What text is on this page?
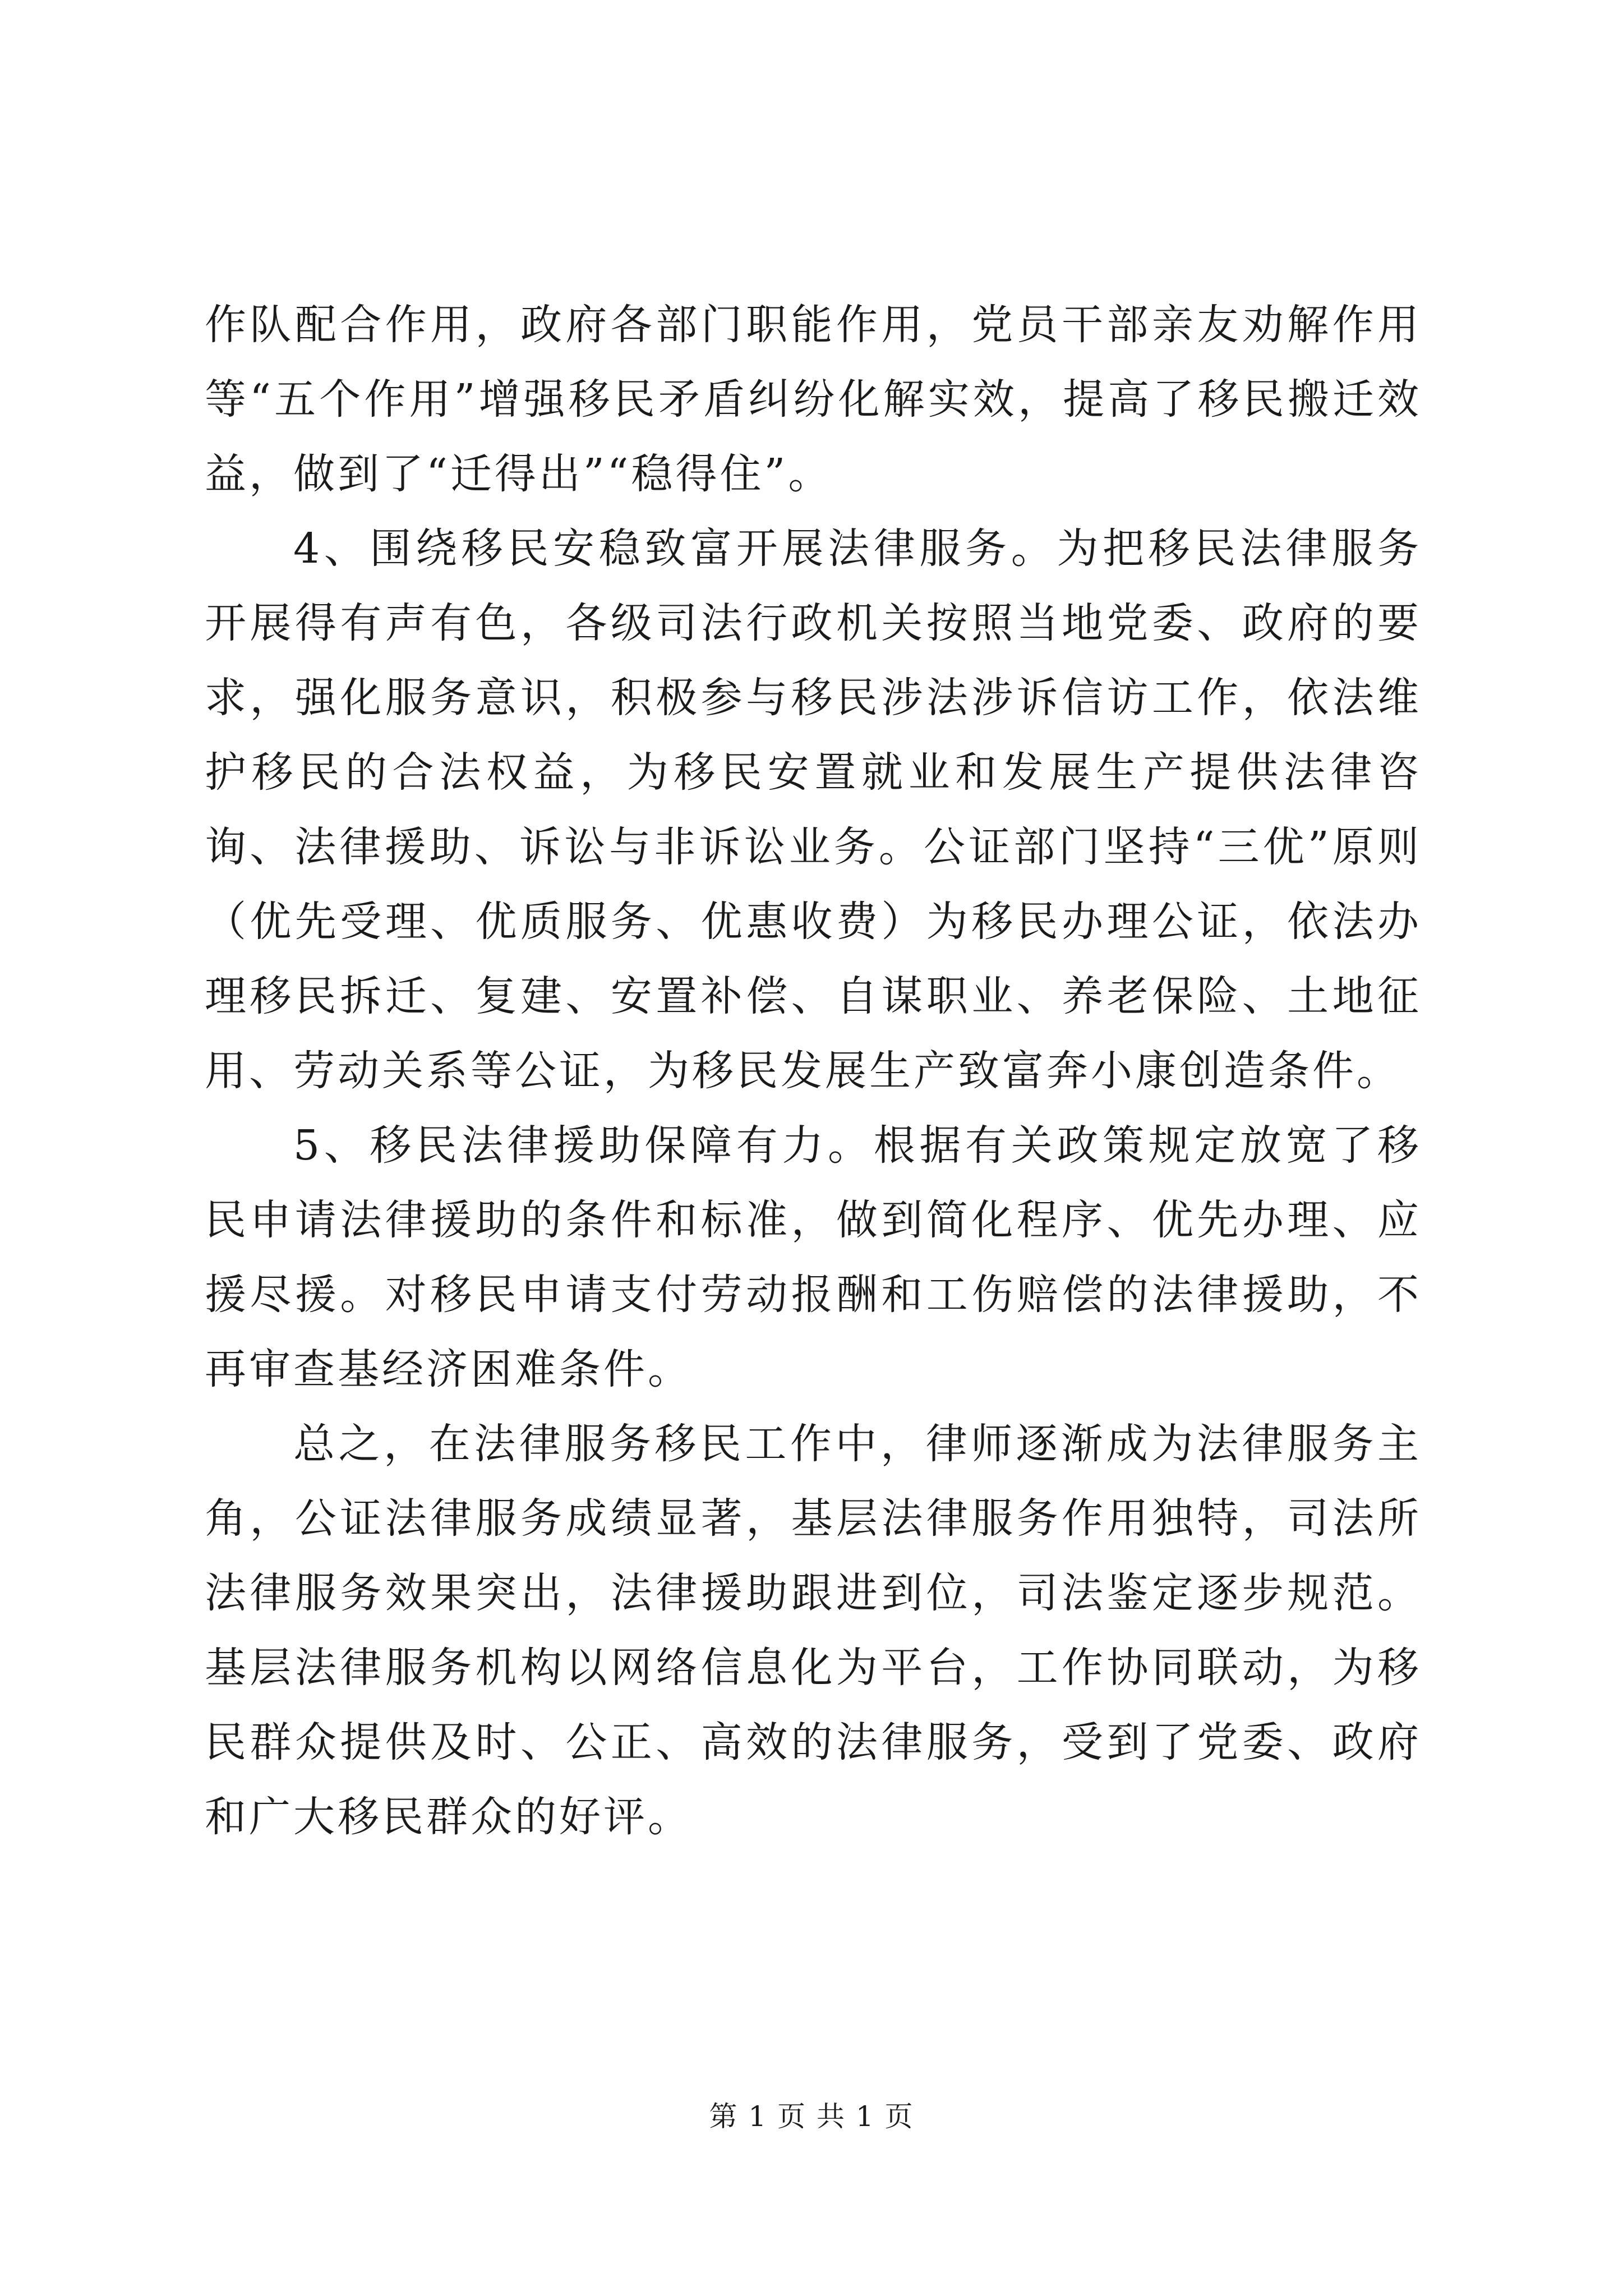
作队配合作用，政府各部门职能作用，党员干部亲友劝解作用等“五个作用”增强移民矛盾纠纷化解实效，提高了移民搬迁效益，做到了“迁得出”“稳得住”。

4、围绕移民安稳致富开展法律服务。为把移民法律服务开展得有声有色，各级司法行政机关按照当地党委、政府的要求，强化服务意识，积极参与移民涉法涉诉信访工作，依法维护移民的合法权益，为移民安置就业和发展生产提供法律咨询、法律援助、诉讼与非诉讼业务。公证部门坚持“三优”原则（优先受理、优质服务、优惠收费）为移民办理公证，依法办理移民拆迁、复建、安置补偿、自谋职业、养老保险、土地征用、劳动关系等公证，为移民发展生产致富奔小康创造条件。

5、移民法律援助保障有力。根据有关政策规定放宽了移民申请法律援助的条件和标准，做到简化程序、优先办理、应援尽援。对移民申请支付劳动报酬和工伤赔偿的法律援助，不再审查基经济困难条件。

总之，在法律服务移民工作中，律师逐渐成为法律服务主角，公证法律服务成绩显著，基层法律服务作用独特，司法所法律服务效果突出，法律援助跟进到位，司法鉴定逐步规范。基层法律服务机构以网络信息化为平台，工作协同联动，为移民群众提供及时、公正、高效的法律服务，受到了党委、政府和广大移民群众的好评。

第 1 页 共 1 页
